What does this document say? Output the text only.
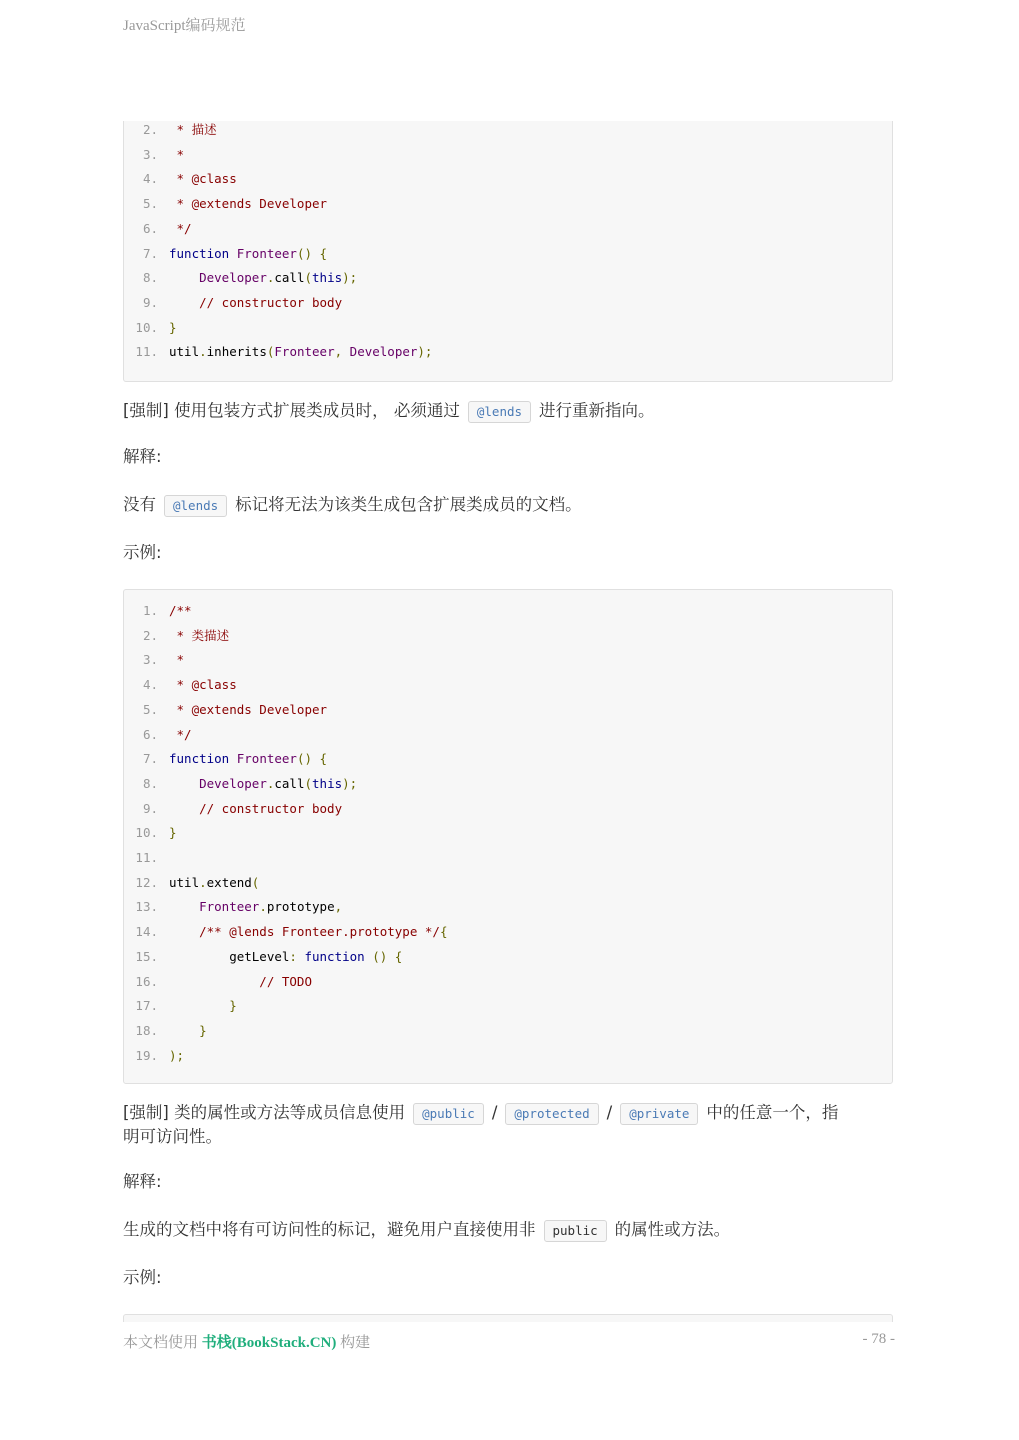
JavaScript编码规范
2. * 描述
3. *
4. * @class
5. * @extends Developer
6. */
7. function Fronteer() {
8.	Developer.call(this);
9.    // constructor body
10. }
11. util.inherits(Fronteer, Developer);
[强制] 使用包装方式扩展类成员时， 必须通过 @lends 进行重新指向。
解释:
没有 @lends 标记将无法为该类生成包含扩展类成员的文档。
示例:
1. /**
2. * 类描述
3. *
4. * @class
5. * @extends Developer
6. */
7. function Fronteer() {
8.	Developer.call(this);
9.    // constructor body
10. }
11.
12. util.extend(
13.	Fronteer.prototype,
14.    /** @lends Fronteer.prototype */{
15.        getLevel: function () {
16.            // TODO
17.        }
18.    }
19. );
[强制] 类的属性或方法等成员信息使用 @public / @protected / @private 中的任意一个，指
明可访问性。
解释:
生成的文档中将有可访问性的标记，避免用户直接使用非 public 的属性或方法。
示例:
本文档使用 书栈(BookStack.CN) 构建	- 78 -
